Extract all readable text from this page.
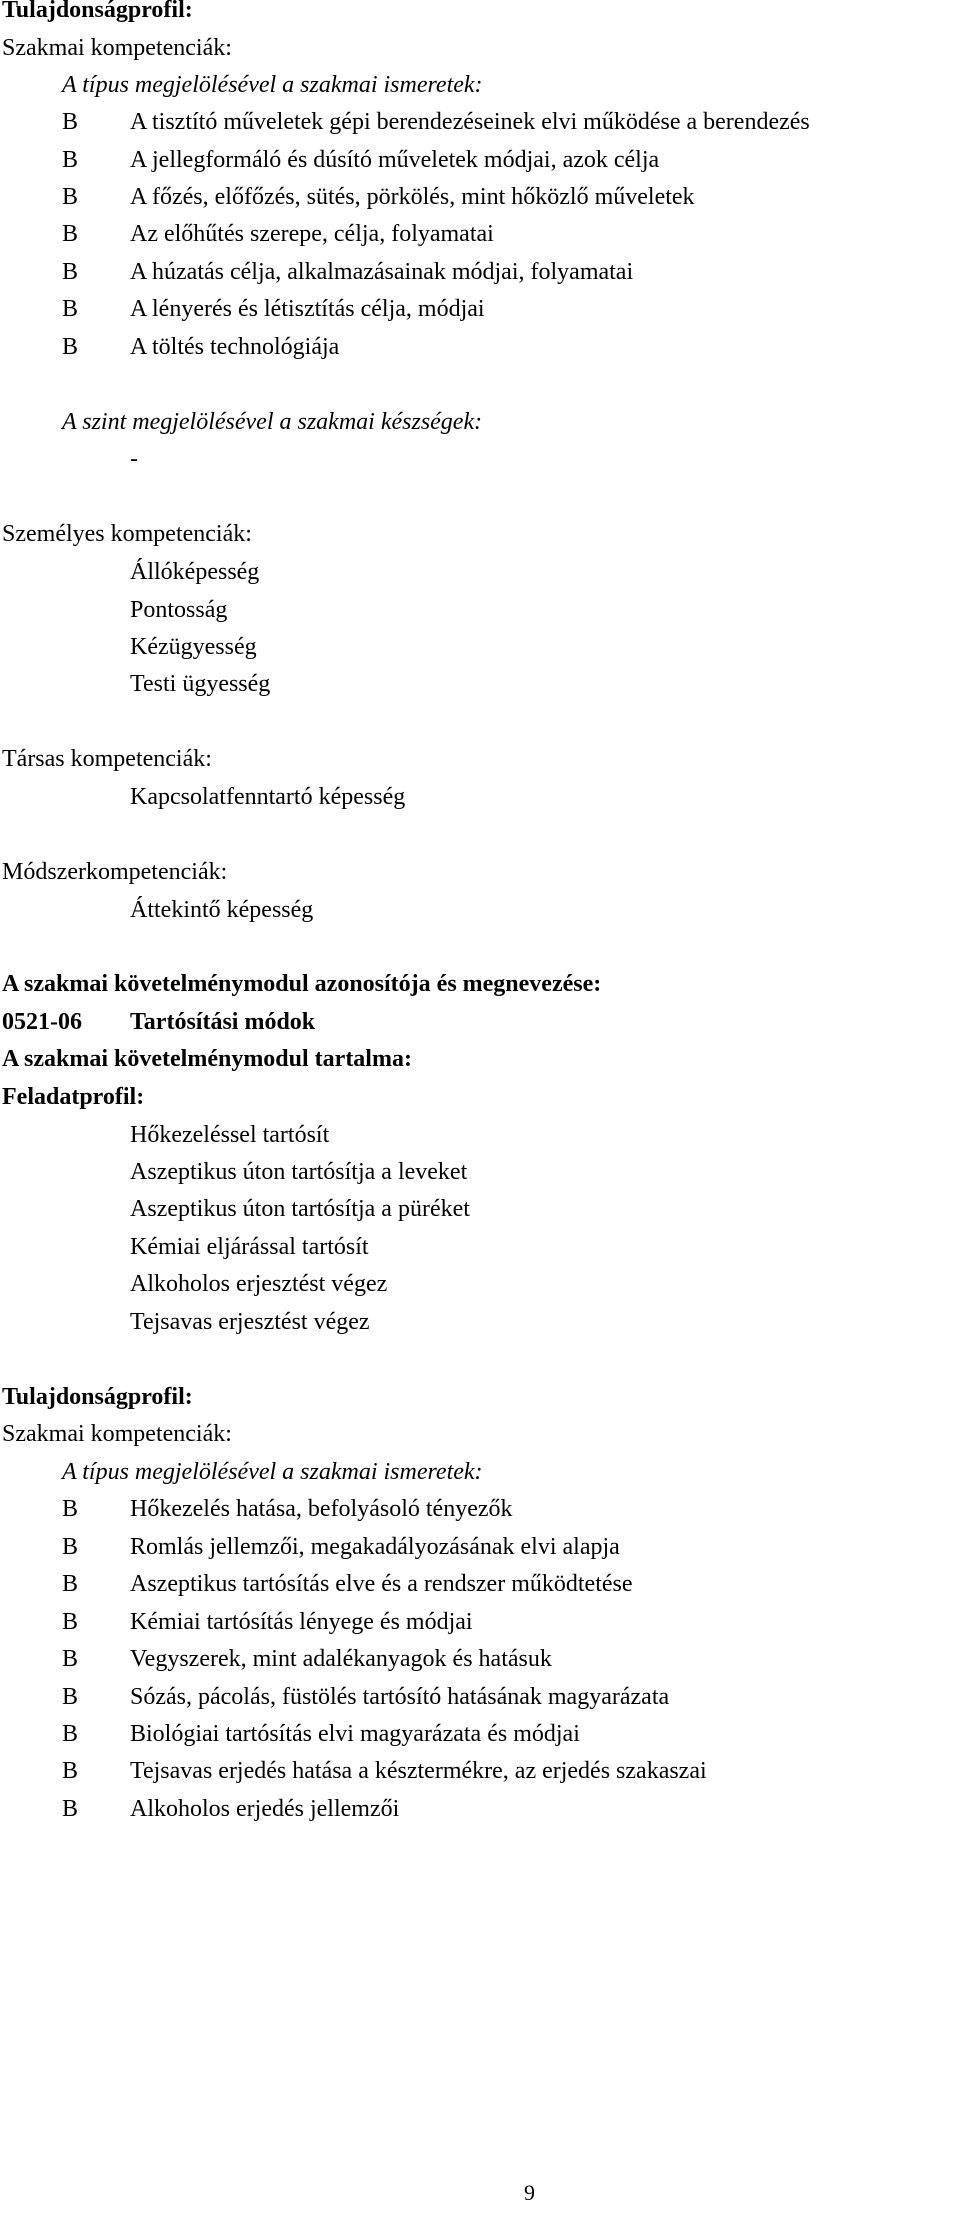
Tulajdonságprofil:
Szakmai kompetenciák:
A típus megjelölésével a szakmai ismeretek:
B A tisztító műveletek gépi berendezéseinek elvi működése a berendezés
B A jellegformáló és dúsító műveletek módjai, azok célja
B A főzés, előfőzés, sütés, pörkölés, mint hőközlő műveletek
B Az előhűtés szerepe, célja, folyamatai
B A húzatás célja, alkalmazásainak módjai, folyamatai
B A lényerés és létisztítás célja, módjai
B A töltés technológiája
A szint megjelölésével a szakmai készségek:
-
Személyes kompetenciák:
Állóképesség
Pontosság
Kézügyesség
Testi ügyesség
Társas kompetenciák:
Kapcsolatfenntartó képesség
Módszerkompetenciák:
Áttekintő képesség
A szakmai követelménymodul azonosítója és megnevezése:
0521-06 Tartósítási módok
A szakmai követelménymodul tartalma:
Feladatprofil:
Hőkezeléssel tartósít
Aszeptikus úton tartósítja a leveket
Aszeptikus úton tartósítja a püréket
Kémiai eljárással tartósít
Alkoholos erjesztést végez
Tejsavas erjesztést végez
Tulajdonságprofil:
Szakmai kompetenciák:
A típus megjelölésével a szakmai ismeretek:
B Hőkezelés hatása, befolyásoló tényezők
B Romlás jellemzői, megakadályozásának elvi alapja
B Aszeptikus tartósítás elve és a rendszer működtetése
B Kémiai tartósítás lényege és módjai
B Vegyszerek, mint adalékanyagok és hatásuk
B Sózás, pácolás, füstölés tartósító hatásának magyarázata
B Biológiai tartósítás elvi magyarázata és módjai
B Tejsavas erjedés hatása a késztermékre, az erjedés szakaszai
B Alkoholos erjedés jellemzői
9
